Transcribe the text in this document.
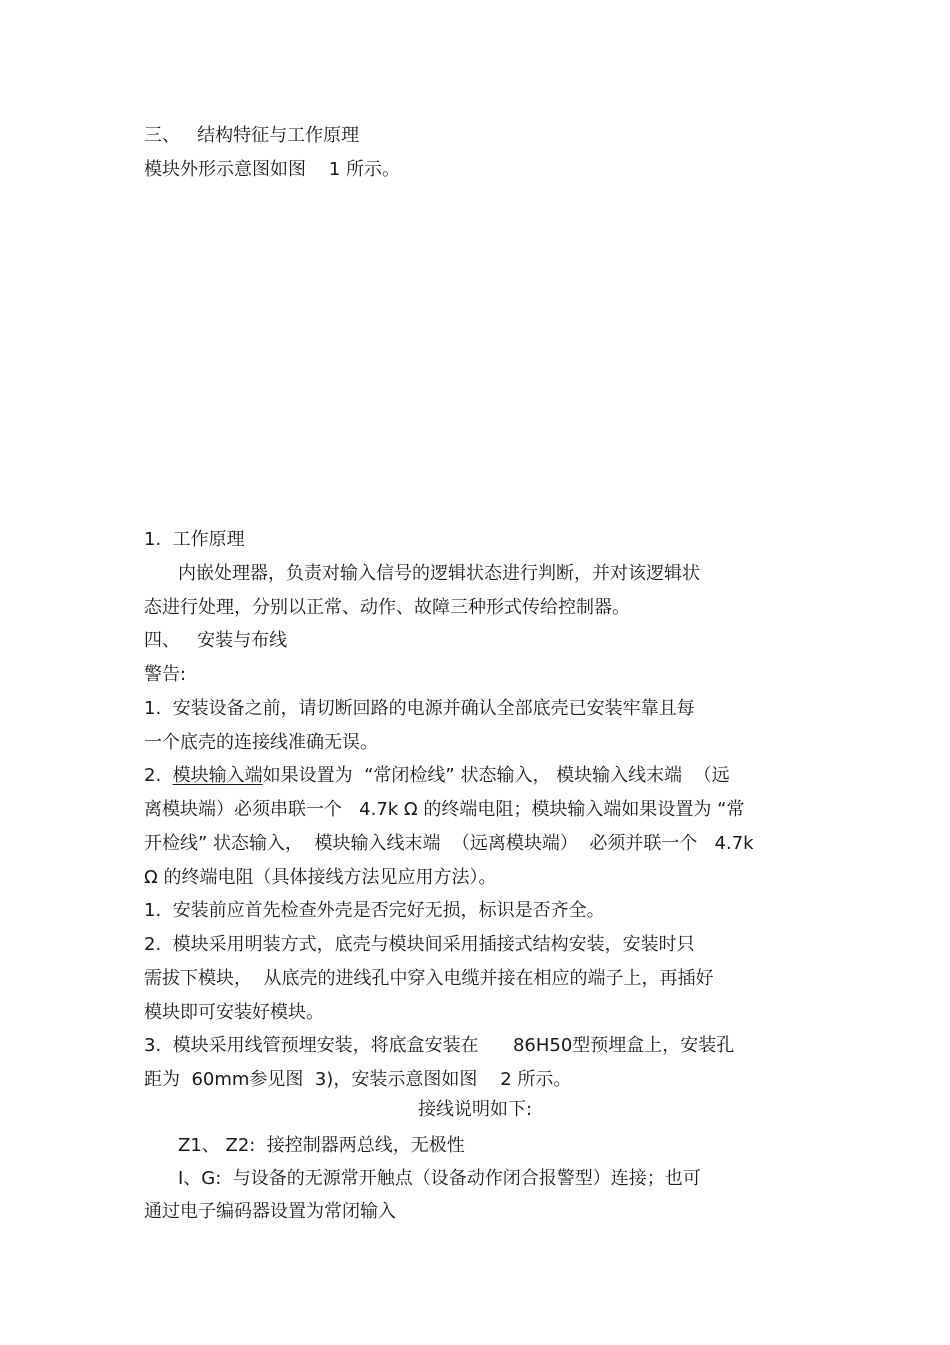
三、   结构特征与工作原理
模块外形示意图如图    1 所示。
1.  工作原理
内嵌处理器，负责对输入信号的逻辑状态进行判断，并对该逻辑状
态进行处理，分别以正常、动作、故障三种形式传给控制器。
四、   安装与布线
警告:
1.  安装设备之前，请切断回路的电源并确认全部底壳已安装牢靠且每
一个底壳的连接线准确无误。
2.  模块输入端如果设置为  “常闭检线” 状态输入， 模块输入线末端  （远
离模块端）必须串联一个   4.7k Ω 的终端电阻；模块输入端如果设置为 “常
开检线” 状态输入，  模块输入线末端  （远离模块端）  必须并联一个   4.7k
Ω 的终端电阻（具体接线方法见应用方法）。
1.  安装前应首先检查外壳是否完好无损，标识是否齐全。
2.  模块采用明装方式，底壳与模块间采用插接式结构安装，安装时只
需拔下模块，  从底壳的进线孔中穿入电缆并接在相应的端子上，再插好
模块即可安装好模块。
3.  模块采用线管预埋安装，将底盒安装在      86H50型预埋盒上，安装孔
距为  60mm参见图  3)，安装示意图如图    2 所示。
接线说明如下:
Z1、 Z2:  接控制器两总线，无极性
I、G:  与设备的无源常开触点（设备动作闭合报警型）连接；也可
通过电子编码器设置为常闭输入
